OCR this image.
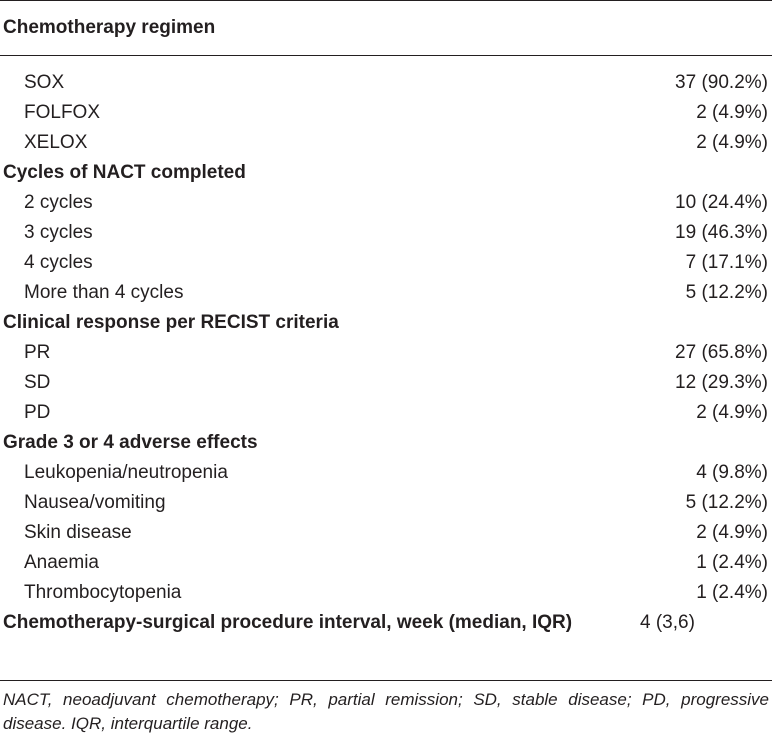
Chemotherapy regimen
SOX	37 (90.2%)
FOLFOX	2 (4.9%)
XELOX	2 (4.9%)
Cycles of NACT completed
2 cycles	10 (24.4%)
3 cycles	19 (46.3%)
4 cycles	7 (17.1%)
More than 4 cycles	5 (12.2%)
Clinical response per RECIST criteria
PR	27 (65.8%)
SD	12 (29.3%)
PD	2 (4.9%)
Grade 3 or 4 adverse effects
Leukopenia/neutropenia	4 (9.8%)
Nausea/vomiting	5 (12.2%)
Skin disease	2 (4.9%)
Anaemia	1 (2.4%)
Thrombocytopenia	1 (2.4%)
Chemotherapy-surgical procedure interval, week (median, IQR)	4 (3,6)
NACT, neoadjuvant chemotherapy; PR, partial remission; SD, stable disease; PD, progressive disease. IQR, interquartile range.
